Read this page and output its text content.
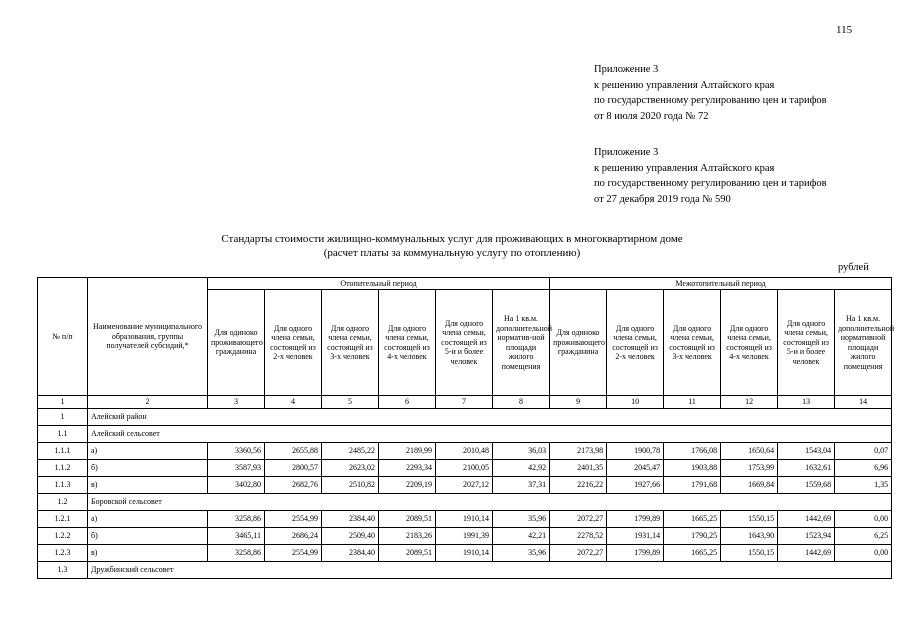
115
Приложение 3
к решению управления Алтайского края
по государственному регулированию цен и тарифов
от 8 июля 2020 года № 72
Приложение 3
к решению управления Алтайского края
по государственному регулированию цен и тарифов
от 27 декабря 2019 года № 590
Стандарты стоимости жилищно-коммунальных услуг для проживающих в многоквартирном доме
(расчет платы за коммунальную услугу по отоплению)
рублей
№ п/п	Наименование муниципального образования, группы получателей субсидий,*	Отопительный период						Межотопительный период					
		Для одиноко проживающего гражданина	Для одного члена семьи, состоящей из 2-х человек	Для одного члена семьи, состоящей из 3-х человек	Для одного члена семьи, состоящей из 4-х человек	Для одного члена семьи, состоящей из 5-и и более человек	На 1 кв.м. дополнительной норматив-ной площади жилого помещения	Для одиноко проживающего гражданина	Для одного члена семьи, состоящей из 2-х человек	Для одного члена семьи, состоящей из 3-х человек	Для одного члена семьи, состоящей из 4-х человек	Для одного члена семьи, состоящей из 5-и и более человек	На 1 кв.м. дополнительной нормативной площади жилого помещения
1	2	3	4	5	6	7	8	9	10	11	12	13	14
1	Алейский район												
1.1	Алейский сельсовет												
1.1.1	а)	3360,56	2655,88	2485,22	2189,99	2010,48	36,03	2173,98	1900,78	1766,08	1650,64	1543,04	0,07
1.1.2	б)	3587,93	2800,57	2623,02	2293,34	2100,05	42,92	2401,35	2045,47	1903,88	1753,99	1632,61	6,96
1.1.3	в)	3402,80	2682,76	2510,82	2209,19	2027,12	37,31	2216,22	1927,66	1791,68	1669,84	1559,68	1,35
1.2	Боровской сельсовет												
1.2.1	а)	3258,86	2554,99	2384,40	2089,51	1910,14	35,96	2072,27	1799,89	1665,25	1550,15	1442,69	0,00
1.2.2	б)	3465,11	2686,24	2509,40	2183,26	1991,39	42,21	2278,52	1931,14	1790,25	1643,90	1523,94	6,25
1.2.3	в)	3258,86	2554,99	2384,40	2089,51	1910,14	35,96	2072,27	1799,89	1665,25	1550,15	1442,69	0,00
1.3	Дружбинский сельсовет												
